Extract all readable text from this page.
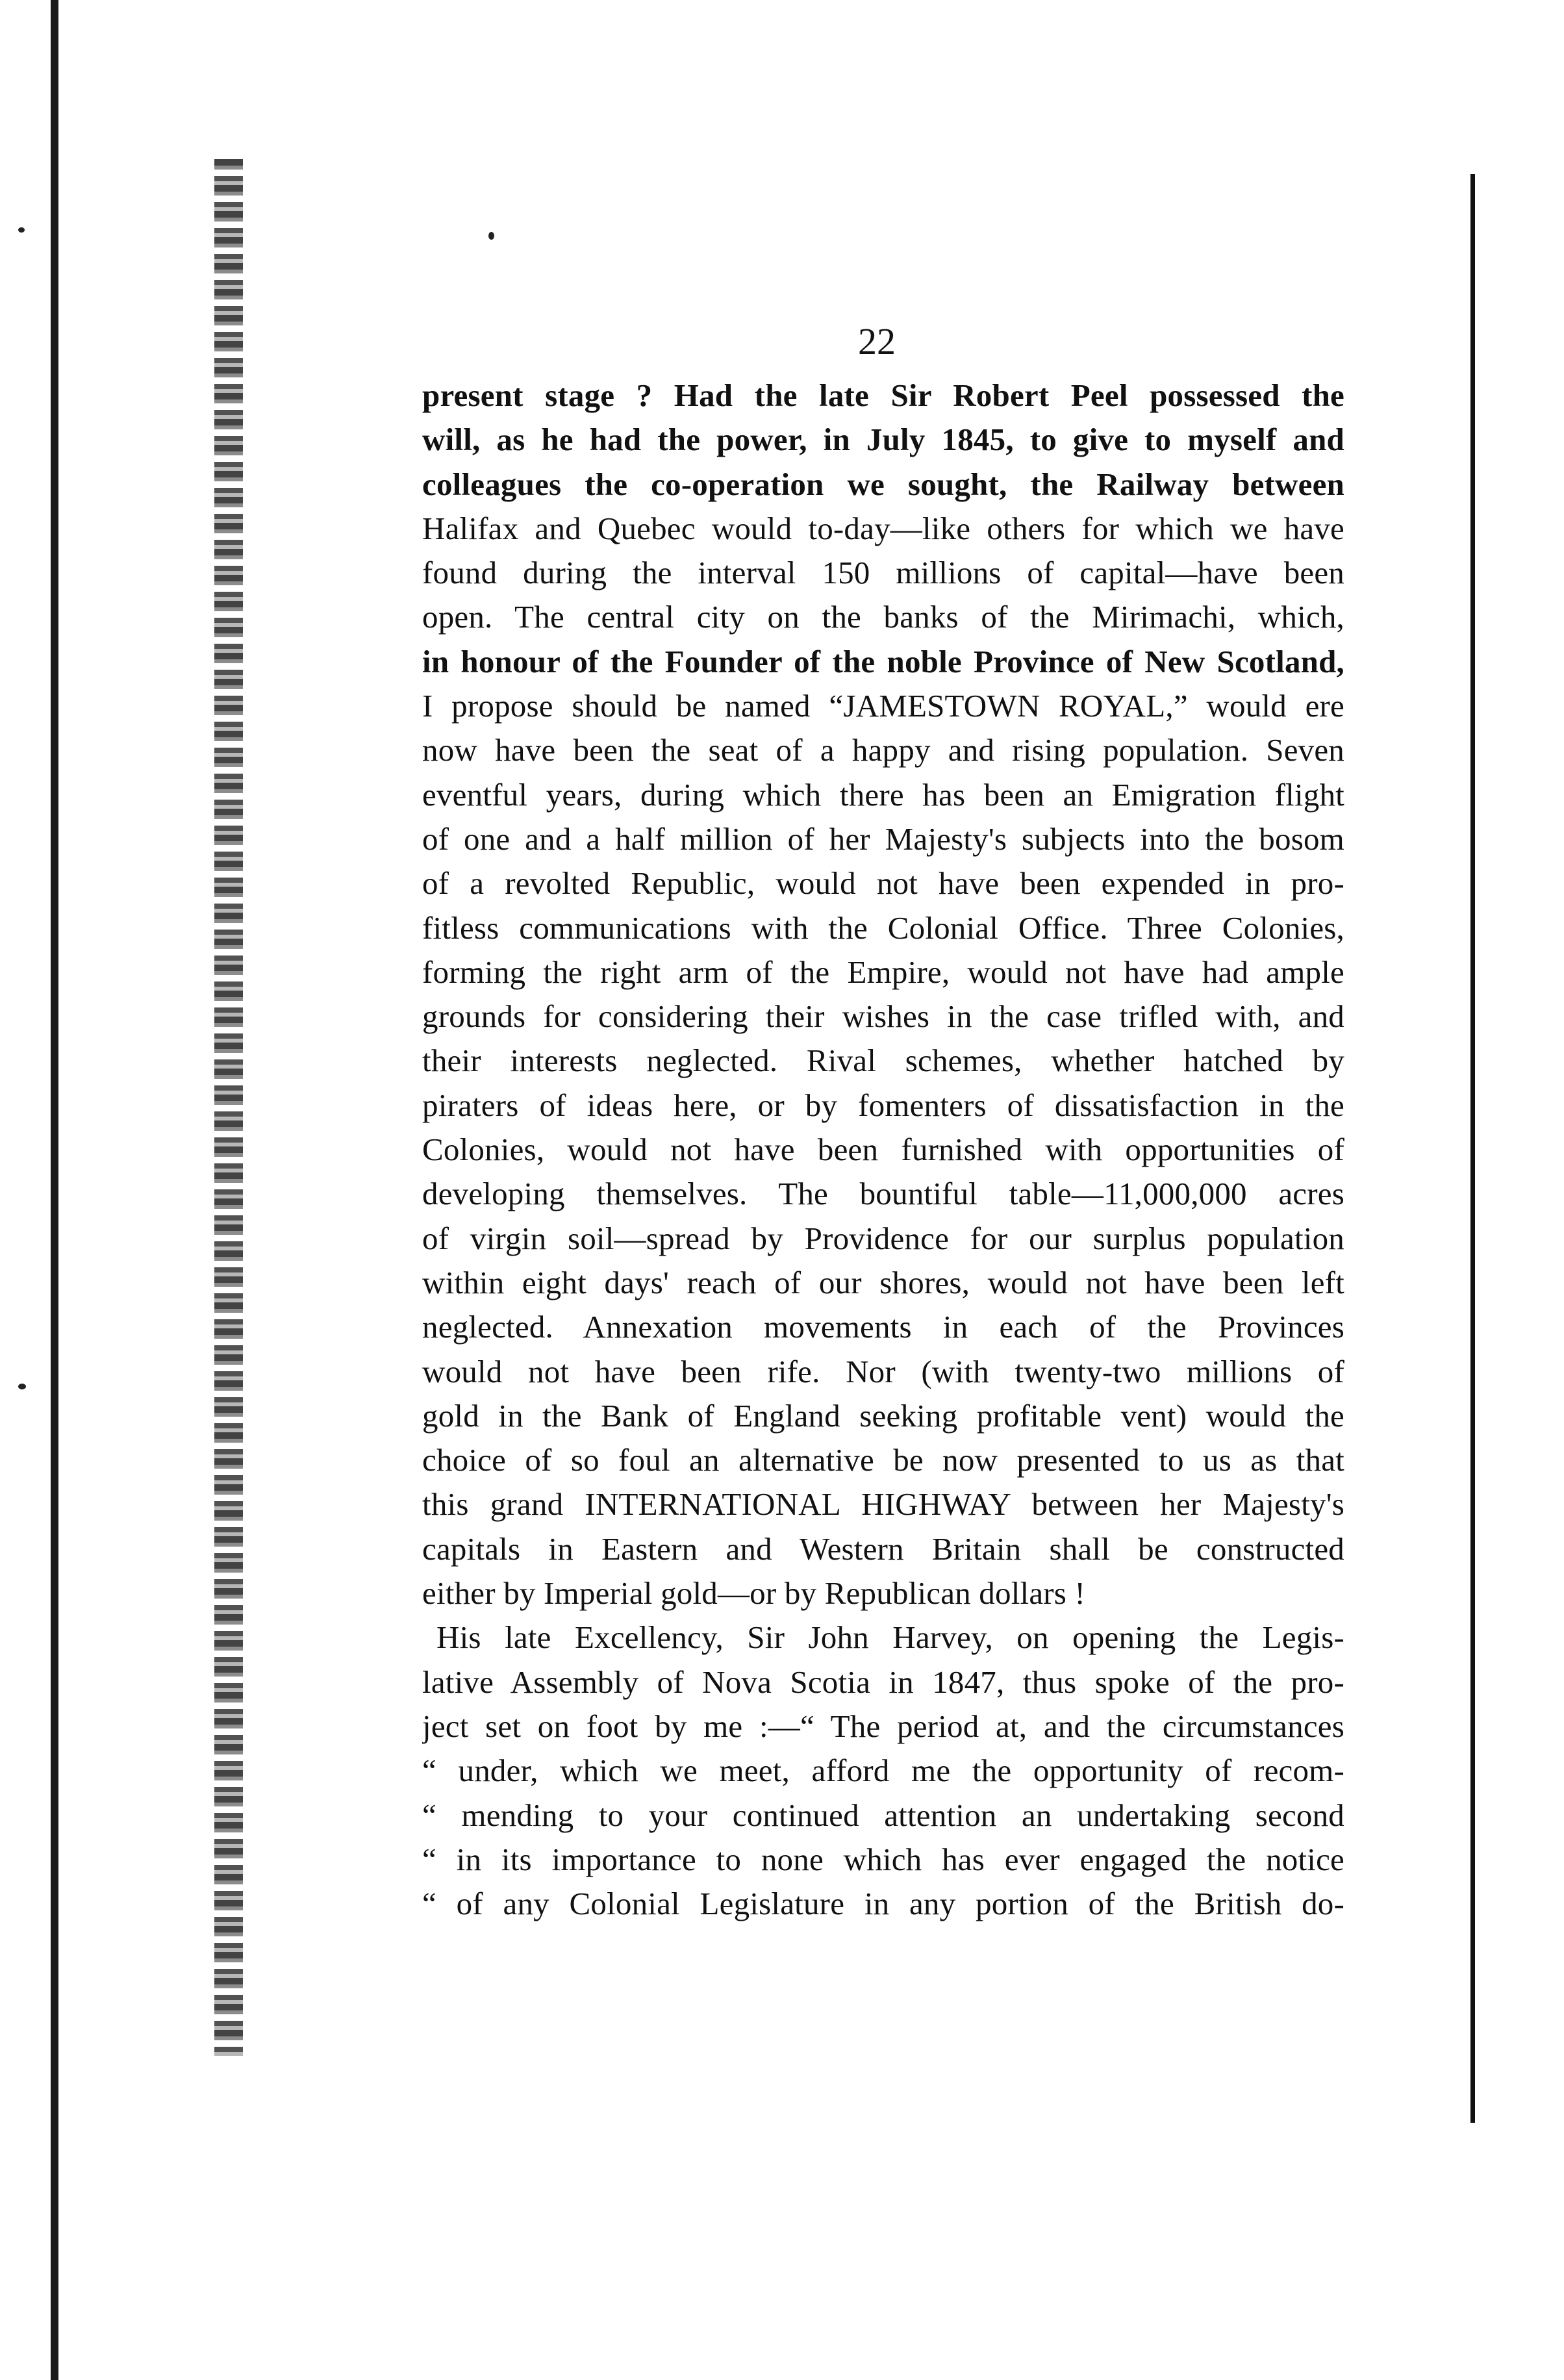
22
present stage ? Had the late Sir Robert Peel possessed the
will, as he had the power, in July 1845, to give to myself and
colleagues the co-operation we sought, the Railway between
Halifax and Quebec would to-day—like others for which we have
found during the interval 150 millions of capital—have been
open. The central city on the banks of the Mirimachi, which,
in honour of the Founder of the noble Province of New Scotland,
I propose should be named “JAMESTOWN ROYAL,” would ere
now have been the seat of a happy and rising population. Seven
eventful years, during which there has been an Emigration flight
of one and a half million of her Majesty's subjects into the bosom
of a revolted Republic, would not have been expended in pro-
fitless communications with the Colonial Office. Three Colonies,
forming the right arm of the Empire, would not have had ample
grounds for considering their wishes in the case trifled with, and
their interests neglected. Rival schemes, whether hatched by
piraters of ideas here, or by fomenters of dissatisfaction in the
Colonies, would not have been furnished with opportunities of
developing themselves. The bountiful table—11,000,000 acres
of virgin soil—spread by Providence for our surplus population
within eight days' reach of our shores, would not have been left
neglected. Annexation movements in each of the Provinces
would not have been rife. Nor (with twenty-two millions of
gold in the Bank of England seeking profitable vent) would the
choice of so foul an alternative be now presented to us as that
this grand INTERNATIONAL HIGHWAY between her Majesty's
capitals in Eastern and Western Britain shall be constructed
either by Imperial gold—or by Republican dollars !
His late Excellency, Sir John Harvey, on opening the Legis-
lative Assembly of Nova Scotia in 1847, thus spoke of the pro-
ject set on foot by me :—“ The period at, and the circumstances
“ under, which we meet, afford me the opportunity of recom-
“ mending to your continued attention an undertaking second
“ in its importance to none which has ever engaged the notice
“ of any Colonial Legislature in any portion of the British do-
